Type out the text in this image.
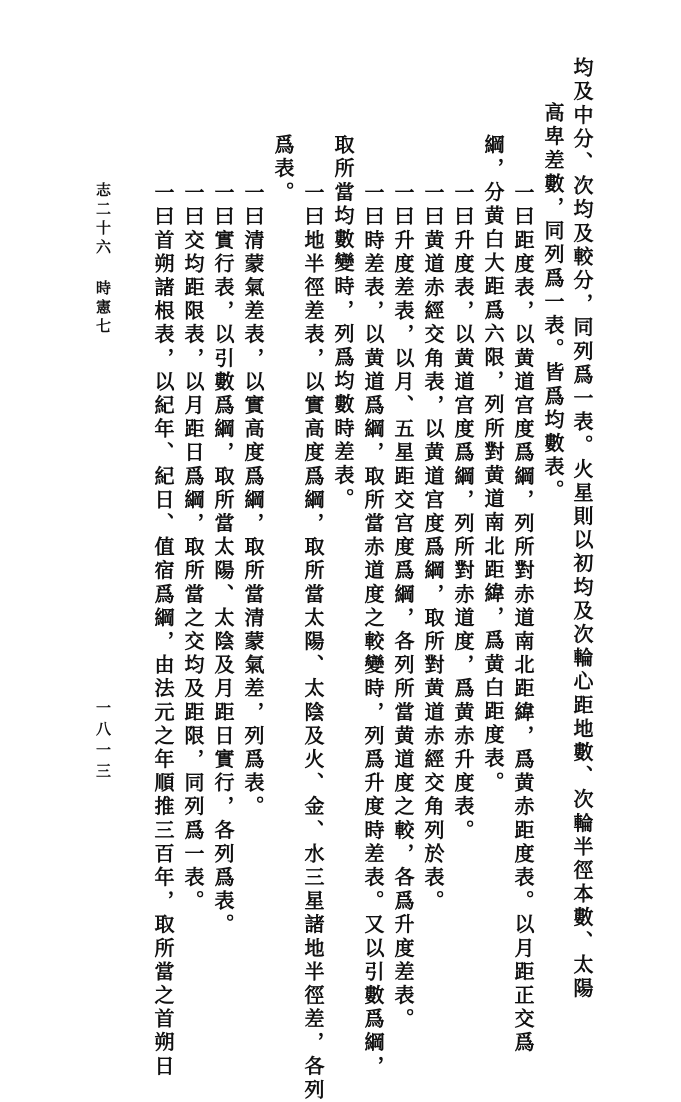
均及中分、次均及較分，同列爲一表。火星則以初均及次輪心距地數、次輪半徑本數、太陽
高卑差數，同列爲一表。皆爲均數表。
一曰距度表，以黄道宫度爲綱，列所對赤道南北距緯，爲黄赤距度表。以月距正交爲
綱，分黄白大距爲六限，列所對黄道南北距緯，爲黄白距度表。
一曰升度表，以黄道宫度爲綱，列所對赤道度，爲黄赤升度表。
一曰黄道赤經交角表，以黄道宫度爲綱，取所對黄道赤經交角列於表。
一曰升度差表，以月、五星距交宫度爲綱，各列所當黄道度之較，各爲升度差表。
一曰時差表，以黄道爲綱，取所當赤道度之較變時，列爲升度時差表。又以引數爲綱，
取所當均數變時，列爲均數時差表。
一曰地半徑差表，以實高度爲綱，取所當太陽、太陰及火、金、水三星諸地半徑差，各列
爲表。
一曰清蒙氣差表，以實高度爲綱，取所當清蒙氣差，列爲表。
一曰實行表，以引數爲綱，取所當太陽、太陰及月距日實行，各列爲表。
一曰交均距限表，以月距日爲綱，取所當之交均及距限，同列爲一表。
一曰首朔諸根表，以紀年、紀日、值宿爲綱，由法元之年順推三百年，取所當之首朔日
志二十六時憲七
一八一三
